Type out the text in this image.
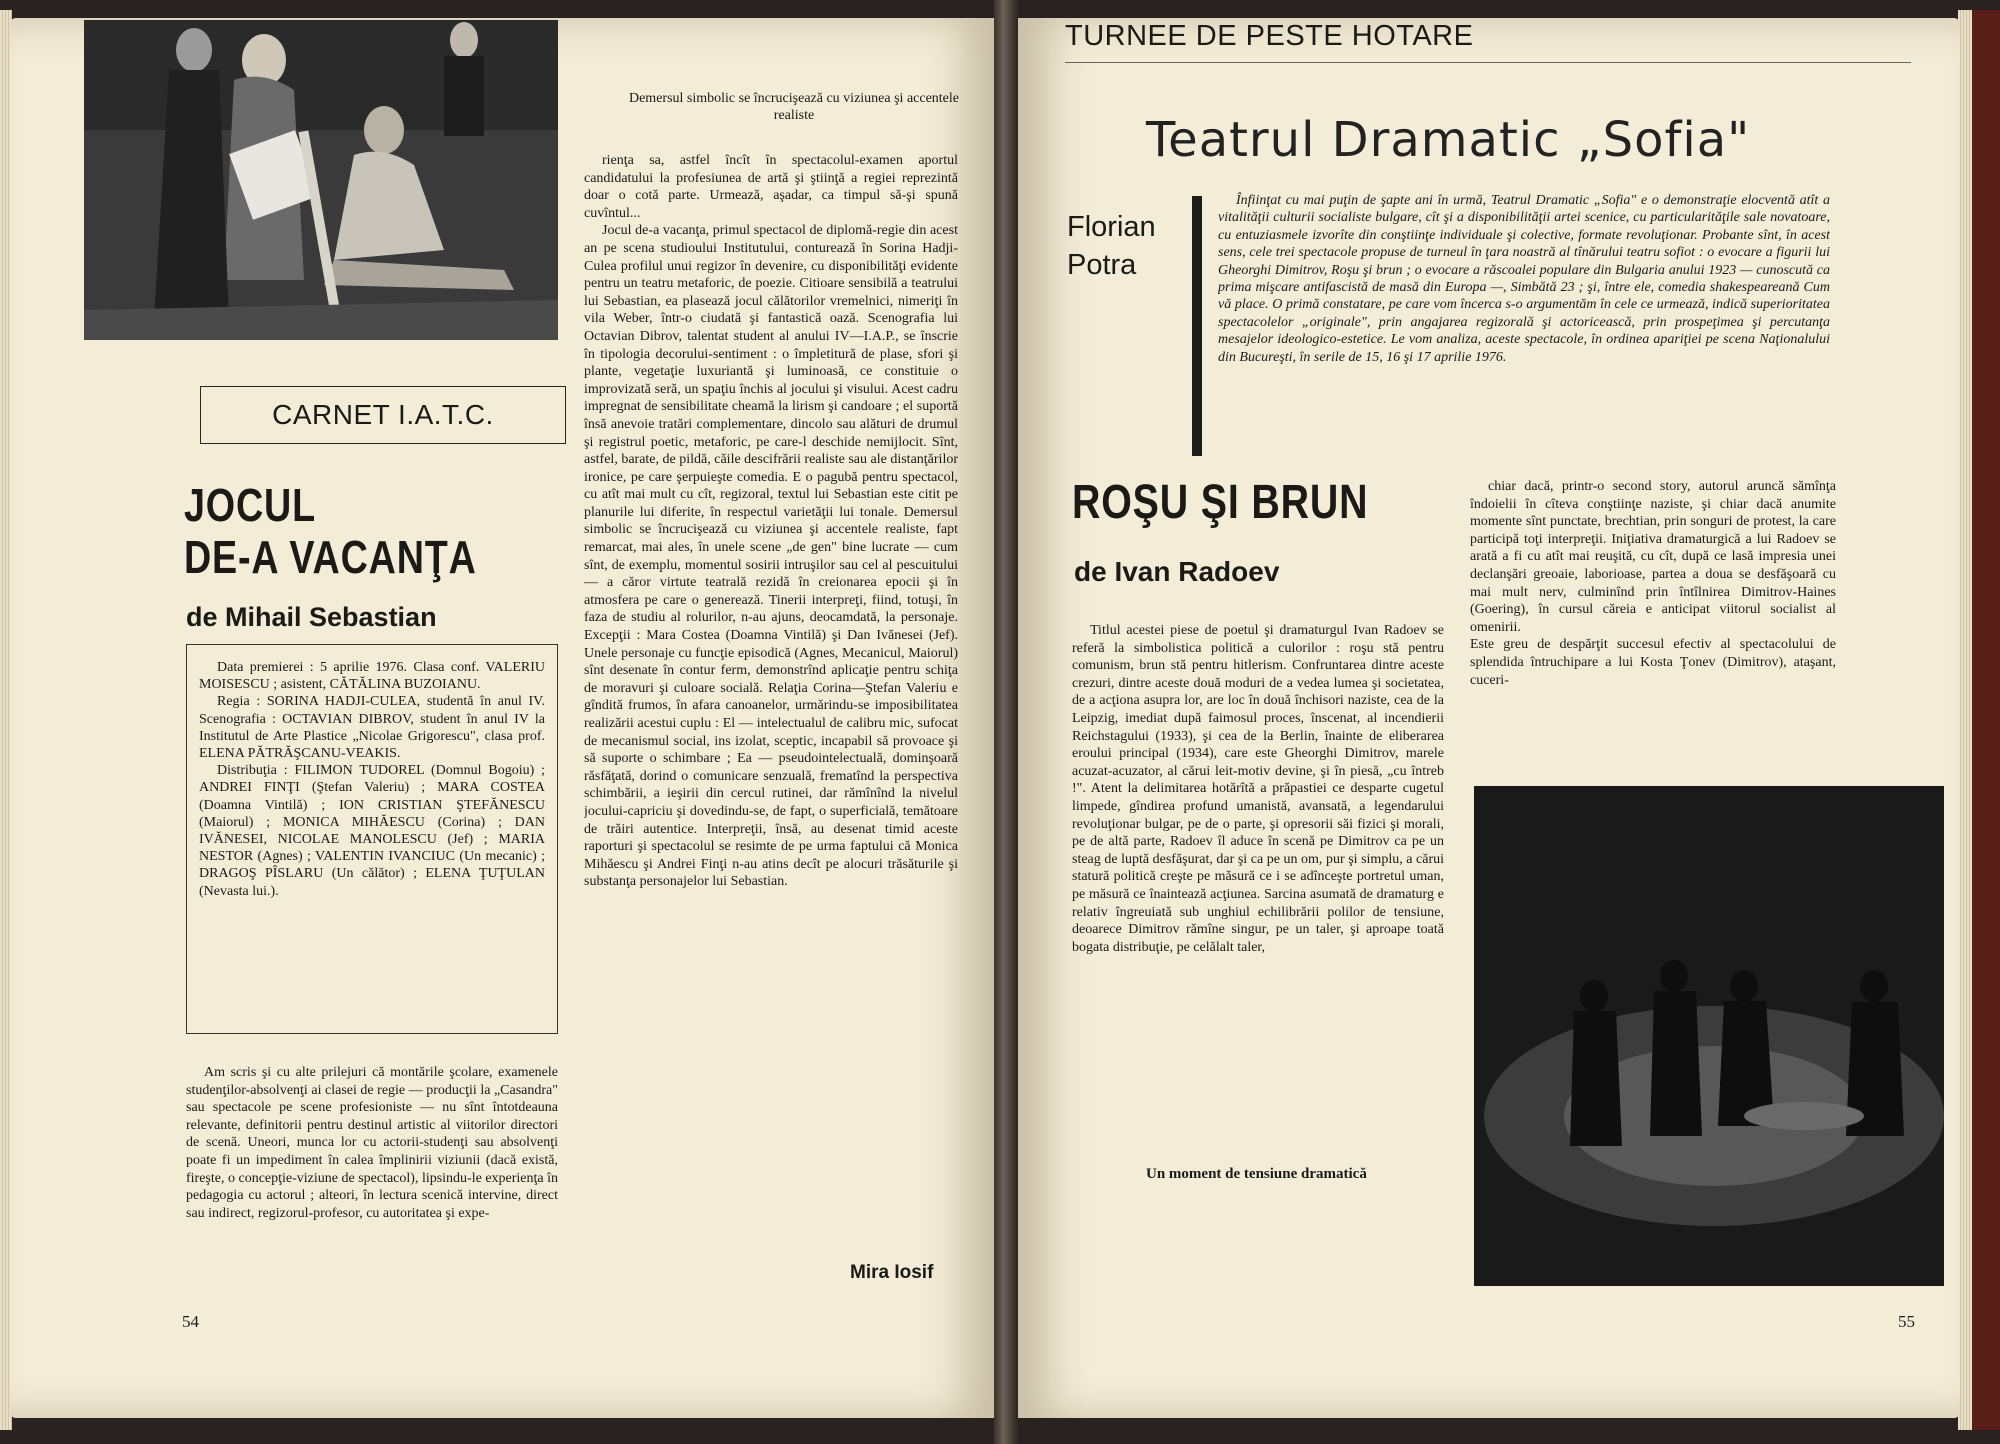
CARNET I.A.T.C.
JOCUL
DE-A VACANŢA
de Mihail Sebastian

Data premierei : 5 aprilie 1976. Clasa conf. VALERIU MOISESCU ; asistent, CĂTĂLINA BUZOIANU.

Regia : SORINA HADJI-CULEA, studentă în anul IV. Scenografia : OCTAVIAN DIBROV, student în anul IV la Institutul de Arte Plastice „Nicolae Grigorescu", clasa prof. ELENA PĂTRĂŞCANU-VEAKIS.

Distribuţia : FILIMON TUDOREL (Domnul Bogoiu) ; ANDREI FINŢI (Ştefan Valeriu) ; MARA COSTEA (Doamna Vintilă) ; ION CRISTIAN ŞTEFĂNESCU (Maiorul) ; MONICA MIHĂESCU (Corina) ; DAN IVĂNESEI, NICOLAE MANOLESCU (Jef) ; MARIA NESTOR (Agnes) ; VALENTIN IVANCIUC (Un mecanic) ; DRAGOŞ PÎSLARU (Un călător) ; ELENA ŢUŢULAN (Nevasta lui.).

Am scris şi cu alte prilejuri că montările şcolare, examenele studenţilor-absolvenţi ai clasei de regie — producţii la „Casandra" sau spectacole pe scene profesioniste — nu sînt întotdeauna relevante, definitorii pentru destinul artistic al viitorilor directori de scenă. Uneori, munca lor cu actorii-studenţi sau absolvenţi poate fi un impediment în calea împlinirii viziunii (dacă există, fireşte, o concepţie-viziune de spectacol), lipsindu-le experienţa în pedagogia cu actorul ; alteori, în lectura scenică intervine, direct sau indirect, regizorul-profesor, cu autoritatea şi expe-

Demersul simbolic se încrucişează cu viziunea şi accentele realiste

rienţa sa, astfel încît în spectacolul-examen aportul candidatului la profesiunea de artă şi ştiinţă a regiei reprezintă doar o cotă parte. Urmează, aşadar, ca timpul să-şi spună cuvîntul...

Jocul de-a vacanţa, primul spectacol de diplomă-regie din acest an pe scena studioului Institutului, conturează în Sorina Hadji-Culea profilul unui regizor în devenire, cu disponibilităţi evidente pentru un teatru metaforic, de poezie. Citioare sensibilă a teatrului lui Sebastian, ea plasează jocul călătorilor vremelnici, nimeriţi în vila Weber, într-o ciudată şi fantastică oază. Scenografia lui Octavian Dibrov, talentat student al anului IV—I.A.P., se înscrie în tipologia decorului-sentiment : o împletitură de plase, sfori şi plante, vegetaţie luxuriantă şi luminoasă, ce constituie o improvizată seră, un spaţiu închis al jocului şi visului. Acest cadru impregnat de sensibilitate cheamă la lirism şi candoare ; el suportă însă anevoie tratări complementare, dincolo sau alături de drumul şi registrul poetic, metaforic, pe care-l deschide nemijlocit. Sînt, astfel, barate, de pildă, căile descifrării realiste sau ale distanţărilor ironice, pe care şerpuieşte comedia. E o pagubă pentru spectacol, cu atît mai mult cu cît, regizoral, textul lui Sebastian este citit pe planurile lui diferite, în respectul varietăţii lui tonale. Demersul simbolic se încrucişează cu viziunea şi accentele realiste, fapt remarcat, mai ales, în unele scene „de gen" bine lucrate — cum sînt, de exemplu, momentul sosirii intruşilor sau cel al pescuitului — a căror virtute teatrală rezidă în creionarea epocii şi în atmosfera pe care o generează. Tinerii interpreţi, fiind, totuşi, în faza de studiu al rolurilor, n-au ajuns, deocamdată, la personaje. Excepţii : Mara Costea (Doamna Vintilă) şi Dan Ivănesei (Jef). Unele personaje cu funcţie episodică (Agnes, Mecanicul, Maiorul) sînt desenate în contur ferm, demonstrînd aplicaţie pentru schiţa de moravuri şi culoare socială. Relaţia Corina—Ştefan Valeriu e gîndită frumos, în afara canoanelor, urmărindu-se imposibilitatea realizării acestui cuplu : El — intelectualul de calibru mic, sufocat de mecanismul social, ins izolat, sceptic, incapabil să provoace şi să suporte o schimbare ; Ea — pseudointelectuală, dominşoară răsfăţată, dorind o comunicare senzuală, frematînd la perspectiva schimbării, a ieşirii din cercul rutinei, dar rămînînd la nivelul jocului-capriciu şi dovedindu-se, de fapt, o superficială, temătoare de trăiri autentice. Interpreţii, însă, au desenat timid aceste raporturi şi spectacolul se resimte de pe urma faptului că Monica Mihăescu şi Andrei Finţi n-au atins decît pe alocuri trăsăturile şi substanţa personajelor lui Sebastian.

Mira Iosif
54
TURNEE DE PESTE HOTARE
Teatrul Dramatic „Sofia"
Florian
Potra

Înfiinţat cu mai puţin de şapte ani în urmă, Teatrul Dramatic „Sofia" e o demonstraţie elocventă atît a vitalităţii culturii socialiste bulgare, cît şi a disponibilităţii artei scenice, cu particularităţile sale novatoare, cu entuziasmele izvorîte din conştiinţe individuale şi colective, formate revoluţionar. Probante sînt, în acest sens, cele trei spectacole propuse de turneul în ţara noastră al tînărului teatru sofiot : o evocare a figurii lui Gheorghi Dimitrov, Roşu şi brun ; o evocare a răscoalei populare din Bulgaria anului 1923 — cunoscută ca prima mişcare antifascistă de masă din Europa —, Simbătă 23 ; şi, între ele, comedia shakespeareană Cum vă place. O primă constatare, pe care vom încerca s-o argumentăm în cele ce urmează, indică superioritatea spectacolelor „originale", prin angajarea regizorală şi actoricească, prin prospeţimea şi percutanţa mesajelor ideologico-estetice. Le vom analiza, aceste spectacole, în ordinea apariţiei pe scena Naţionalului din Bucureşti, în serile de 15, 16 şi 17 aprilie 1976.

ROŞU ŞI BRUN
de Ivan Radoev

Titlul acestei piese de poetul şi dramaturgul Ivan Radoev se referă la simbolistica politică a culorilor : roşu stă pentru comunism, brun stă pentru hitlerism. Confruntarea dintre aceste crezuri, dintre aceste două moduri de a vedea lumea şi societatea, de a acţiona asupra lor, are loc în două închisori naziste, cea de la Leipzig, imediat după faimosul proces, înscenat, al incendierii Reichstagului (1933), şi cea de la Berlin, înainte de eliberarea eroului principal (1934), care este Gheorghi Dimitrov, marele acuzat-acuzator, al cărui leit-motiv devine, şi în piesă, „cu întreb !". Atent la delimitarea hotărîtă a prăpastiei ce desparte cugetul limpede, gîndirea profund umanistă, avansată, a legendarului revoluţionar bulgar, pe de o parte, şi opresorii săi fizici şi morali, pe de altă parte, Radoev îl aduce în scenă pe Dimitrov ca pe un steag de luptă desfăşurat, dar şi ca pe un om, pur şi simplu, a cărui statură politică creşte pe măsură ce i se adînceşte portretul uman, pe măsură ce înaintează acţiunea. Sarcina asumată de dramaturg e relativ îngreuiată sub unghiul echilibrării polilor de tensiune, deoarece Dimitrov rămîne singur, pe un taler, şi aproape toată bogata distribuţie, pe celălalt taler,

chiar dacă, printr-o second story, autorul aruncă sămînţa îndoielii în cîteva conştiinţe naziste, şi chiar dacă anumite momente sînt punctate, brechtian, prin songuri de protest, la care participă toţi interpreţii. Iniţiativa dramaturgică a lui Radoev se arată a fi cu atît mai reuşită, cu cît, după ce lasă impresia unei declanşări greoaie, laborioase, partea a doua se desfăşoară cu mai mult nerv, culminînd prin întîlnirea Dimitrov-Haines (Goering), în cursul căreia e anticipat viitorul socialist al omenirii.
Este greu de despărţit succesul efectiv al spectacolului de splendida întruchipare a lui Kosta Ţonev (Dimitrov), ataşant, cuceri-

Un moment de tensiune dramatică
55
